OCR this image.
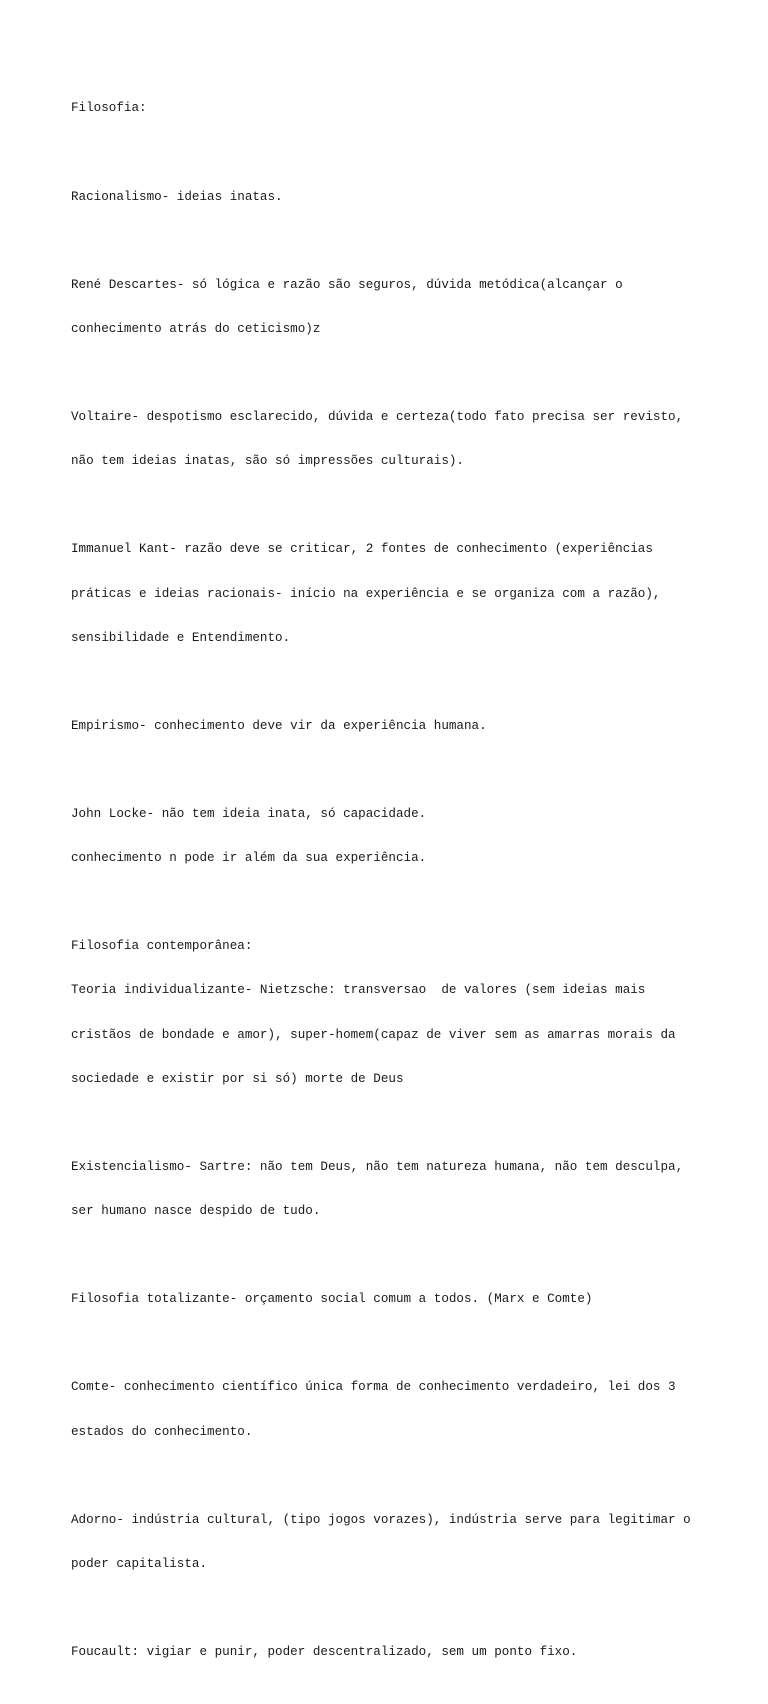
Filosofia:

Racionalismo- ideias inatas.

René Descartes- só lógica e razão são seguros, dúvida metódica(alcançar o

conhecimento atrás do ceticismo)z

Voltaire- despotismo esclarecido, dúvida e certeza(todo fato precisa ser revisto,

não tem ideias inatas, são só impressões culturais).

Immanuel Kant- razão deve se criticar, 2 fontes de conhecimento (experiências

práticas e ideias racionais- início na experiência e se organiza com a razão),

sensibilidade e Entendimento.

Empirismo- conhecimento deve vir da experiência humana.

John Locke- não tem ideia inata, só capacidade.

conhecimento n pode ir além da sua experiência.

Filosofia contemporânea:

Teoria individualizante- Nietzsche: transversao  de valores (sem ideias mais

cristãos de bondade e amor), super-homem(capaz de viver sem as amarras morais da

sociedade e existir por si só) morte de Deus

Existencialismo- Sartre: não tem Deus, não tem natureza humana, não tem desculpa,

ser humano nasce despido de tudo.

Filosofia totalizante- orçamento social comum a todos. (Marx e Comte)

Comte- conhecimento científico única forma de conhecimento verdadeiro, lei dos 3

estados do conhecimento.

Adorno- indústria cultural, (tipo jogos vorazes), indústria serve para legitimar o

poder capitalista.

Foucault: vigiar e punir, poder descentralizado, sem um ponto fixo.
